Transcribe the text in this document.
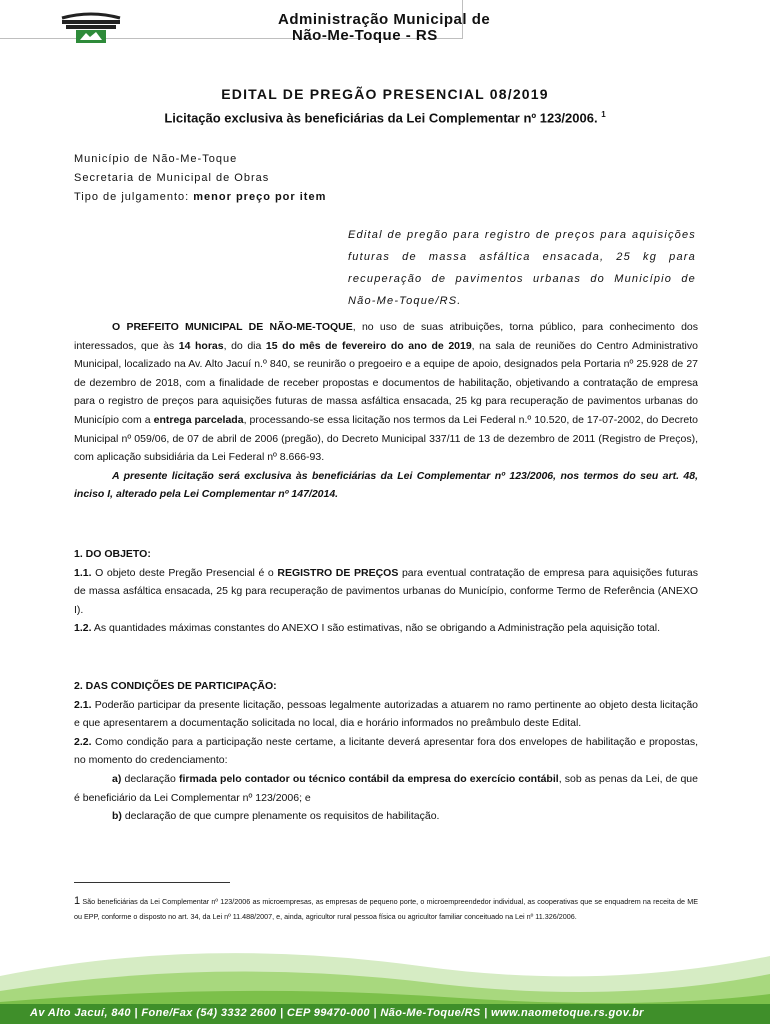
Administração Municipal de
Não-Me-Toque - RS
EDITAL DE PREGÃO PRESENCIAL 08/2019
Licitação exclusiva às beneficiárias da Lei Complementar nº 123/2006. $^1$
Município de Não-Me-Toque
Secretaria de Municipal de Obras
Tipo de julgamento: menor preço por item
Edital de pregão para registro de preços para aquisições futuras de massa asfáltica ensacada, 25 kg para recuperação de pavimentos urbanas do Município de Não-Me-Toque/RS.

O PREFEITO MUNICIPAL DE NÃO-ME-TOQUE, no uso de suas atribuições, torna público, para conhecimento dos interessados, que às 14 horas, do dia 15 do mês de fevereiro do ano de 2019, na sala de reuniões do Centro Administrativo Municipal, localizado na Av. Alto Jacuí n.º 840, se reunirão o pregoeiro e a equipe de apoio, designados pela Portaria nº 25.928 de 27 de dezembro de 2018, com a finalidade de receber propostas e documentos de habilitação, objetivando a contratação de empresa para o registro de preços para aquisições futuras de massa asfáltica ensacada, 25 kg para recuperação de pavimentos urbanas do Município com a entrega parcelada, processando-se essa licitação nos termos da Lei Federal n.º 10.520, de 17-07-2002, do Decreto Municipal nº 059/06, de 07 de abril de 2006 (pregão), do Decreto Municipal 337/11 de 13 de dezembro de 2011 (Registro de Preços), com aplicação subsidiária da Lei Federal nº 8.666-93.

A presente licitação será exclusiva às beneficiárias da Lei Complementar nº 123/2006, nos termos do seu art. 48, inciso I, alterado pela Lei Complementar nº 147/2014.

1. DO OBJETO:

1.1. O objeto deste Pregão Presencial é o REGISTRO DE PREÇOS para eventual contratação de empresa para aquisições futuras de massa asfáltica ensacada, 25 kg para recuperação de pavimentos urbanas do Município, conforme Termo de Referência (ANEXO I).

1.2. As quantidades máximas constantes do ANEXO I são estimativas, não se obrigando a Administração pela aquisição total.

2. DAS CONDIÇÕES DE PARTICIPAÇÃO:

2.1. Poderão participar da presente licitação, pessoas legalmente autorizadas a atuarem no ramo pertinente ao objeto desta licitação e que apresentarem a documentação solicitada no local, dia e horário informados no preâmbulo deste Edital.

2.2. Como condição para a participação neste certame, a licitante deverá apresentar fora dos envelopes de habilitação e propostas, no momento do credenciamento:

a) declaração firmada pelo contador ou técnico contábil da empresa do exercício contábil, sob as penas da Lei, de que é beneficiário da Lei Complementar nº 123/2006; e

b) declaração de que cumpre plenamente os requisitos de habilitação.

1 São beneficiárias da Lei Complementar nº 123/2006 as microempresas, as empresas de pequeno porte, o microempreendedor individual, as cooperativas que se enquadrem na receita de ME ou EPP, conforme o disposto no art. 34, da Lei nº 11.488/2007, e, ainda, agricultor rural pessoa física ou agricultor familiar conceituado na Lei nº 11.326/2006.
Av Alto Jacuí, 840 | Fone/Fax (54) 3332 2600 | CEP 99470-000 | Não-Me-Toque/RS | www.naometoque.rs.gov.br
